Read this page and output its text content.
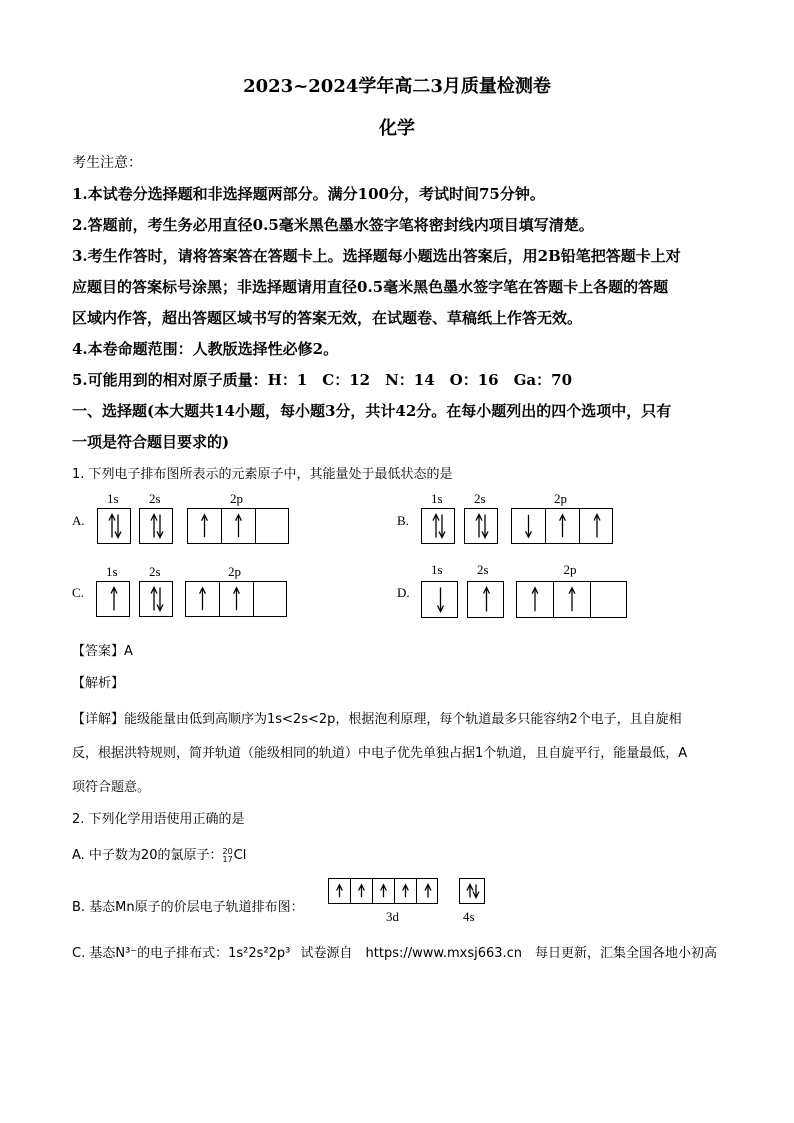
2023~2024学年高二3月质量检测卷
化学
考生注意：
1.本试卷分选择题和非选择题两部分。满分100分，考试时间75分钟。
2.答题前，考生务必用直径0.5毫米黑色墨水签字笔将密封线内项目填写清楚。
3.考生作答时，请将答案答在答题卡上。选择题每小题选出答案后，用2B铅笔把答题卡上对
应题目的答案标号涂黑；非选择题请用直径0.5毫米黑色墨水签字笔在答题卡上各题的答题
区域内作答，超出答题区域书写的答案无效，在试题卷、草稿纸上作答无效。
4.本卷命题范围：人教版选择性必修2。
5.可能用到的相对原子质量：H：1　C：12　N：14　O：16　Ga：70
一、选择题(本大题共14小题，每小题3分，共计42分。在每小题列出的四个选项中，只有
一项是符合题目要求的)
1. 下列电子排布图所表示的元素原子中，其能量处于最低状态的是
A.
1s 2s	2p
B.
1s 2s	2p
C.
1s 2s	2p
D.
1s	2s	2p
【答案】A
【解析】
【详解】能级能量由低到高顺序为1s<2s<2p，根据泡利原理，每个轨道最多只能容纳2个电子，且自旋相
反，根据洪特规则，简并轨道（能级相同的轨道）中电子优先单独占据1个轨道，且自旋平行，能量最低，A
项符合题意。
2. 下列化学用语使用正确的是
A. 中子数为20的氯原子： 20
17 Cl
B. 基态Mn原子的价层电子轨道排布图：
3d	4s
C. 基态N³⁻的电子排布式：1s²2s²2p³ 试卷源自　https://www.mxsj663.cn　每日更新，汇集全国各地小初高
